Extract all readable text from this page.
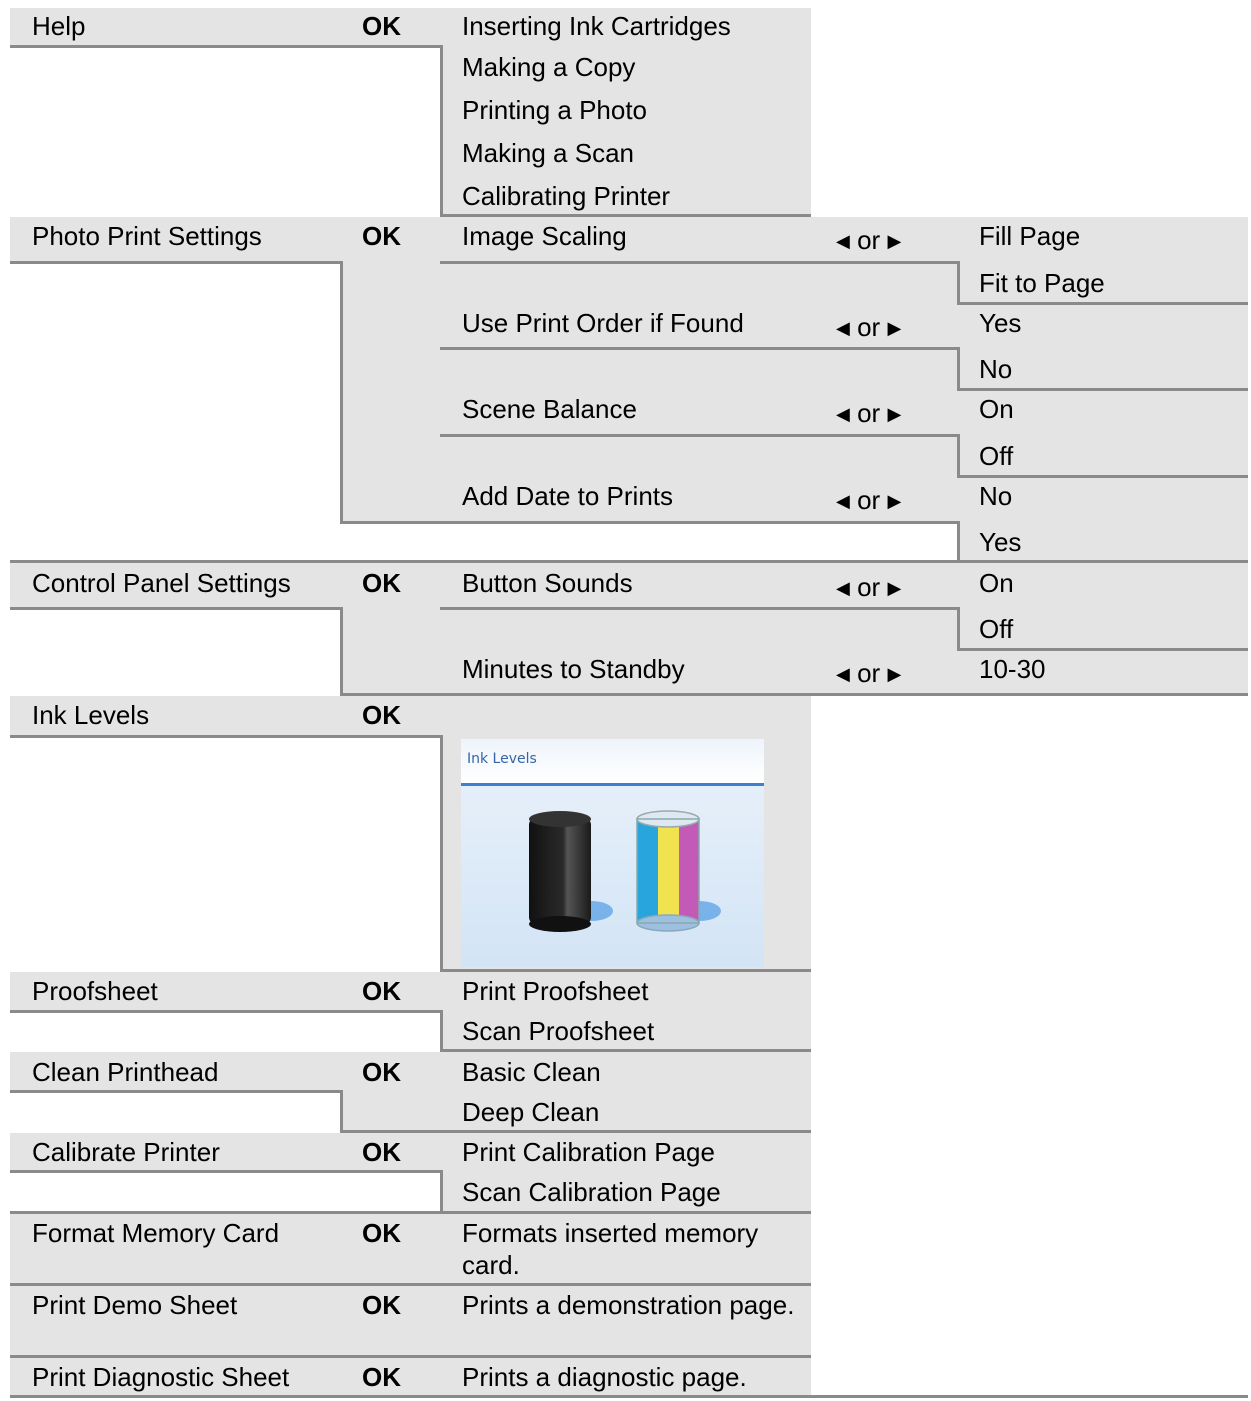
Help	OK Inserting Ink Cartridges
Making a Copy
Printing a Photo
Making a Scan
Calibrating Printer
Photo Print Settings	OK Image Scaling	◀ or ▶	Fill Page
Fit to Page
Use Print Order if Found	◀ or ▶	Yes
No
Scene Balance	◀ or ▶	On
Off
Add Date to Prints	◀ or ▶	No
Yes
Control Panel Settings	OK Button Sounds	◀ or ▶	On
Off
Minutes to Standby	◀ or ▶	10-30
Ink Levels	OK
Ink Levels
Proofsheet	OK Print Proofsheet
Scan Proofsheet
Clean Printhead	OK Basic Clean
Deep Clean
Calibrate Printer	OK Print Calibration Page
Scan Calibration Page
Format Memory Card	OK Formats inserted memory card.
Print Demo Sheet	OK Prints a demonstration page.
Print Diagnostic Sheet	OK Prints a diagnostic page.
